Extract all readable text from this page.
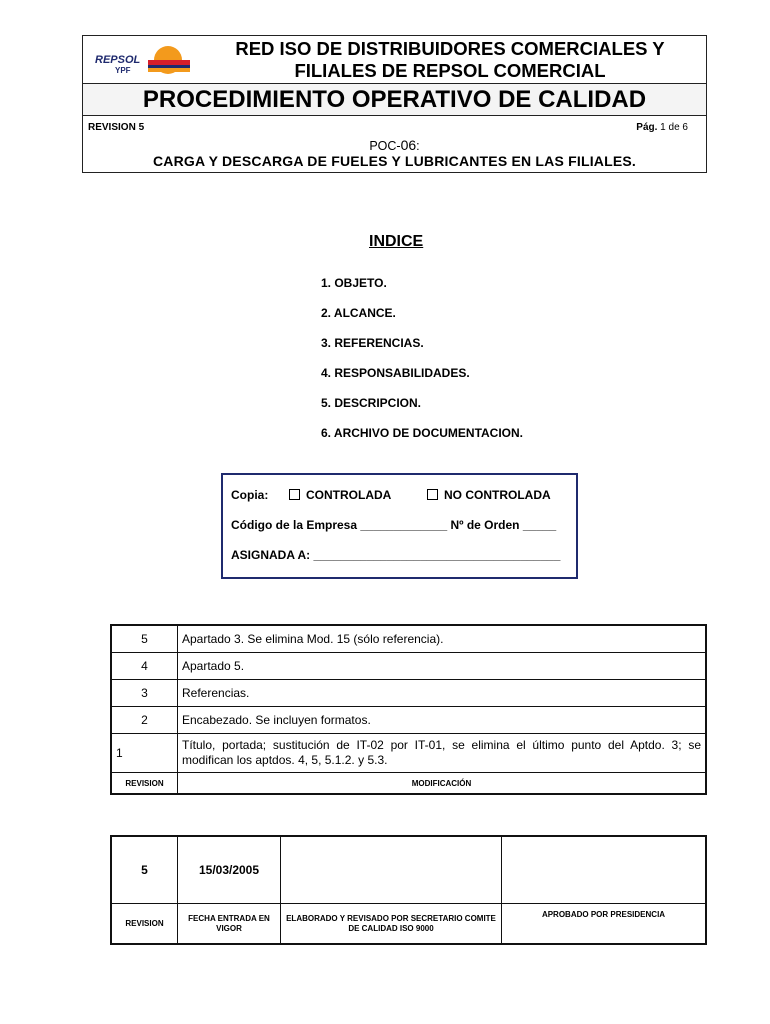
REPSOL
YPF
RED ISO DE DISTRIBUIDORES COMERCIALES Y
FILIALES DE REPSOL COMERCIAL
PROCEDIMIENTO OPERATIVO DE CALIDAD
REVISION 5	Pág. 1 de 6
POC-06:
CARGA Y DESCARGA DE FUELES Y LUBRICANTES EN LAS FILIALES.
INDICE
1. OBJETO.
2. ALCANCE.
3. REFERENCIAS.
4. RESPONSABILIDADES.
5. DESCRIPCION.
6. ARCHIVO DE DOCUMENTACION.
Copia:	CONTROLADA	NO CONTROLADA
Código de la Empresa _____________ Nº de Orden _____
ASIGNADA A: _____________________________________
5	Apartado 3. Se elimina Mod. 15 (sólo referencia).
4	Apartado 5.
3	Referencias.
2	Encabezado. Se incluyen formatos.
1	Título, portada; sustitución de IT-02 por IT-01, se elimina el último punto del Aptdo. 3; se modifican los aptdos. 4, 5, 5.1.2. y 5.3.
REVISION	MODIFICACIÓN
5	15/03/2005		
REVISION	FECHA ENTRADA EN VIGOR	ELABORADO Y REVISADO POR SECRETARIO COMITE DE CALIDAD ISO 9000	APROBADO POR PRESIDENCIA
